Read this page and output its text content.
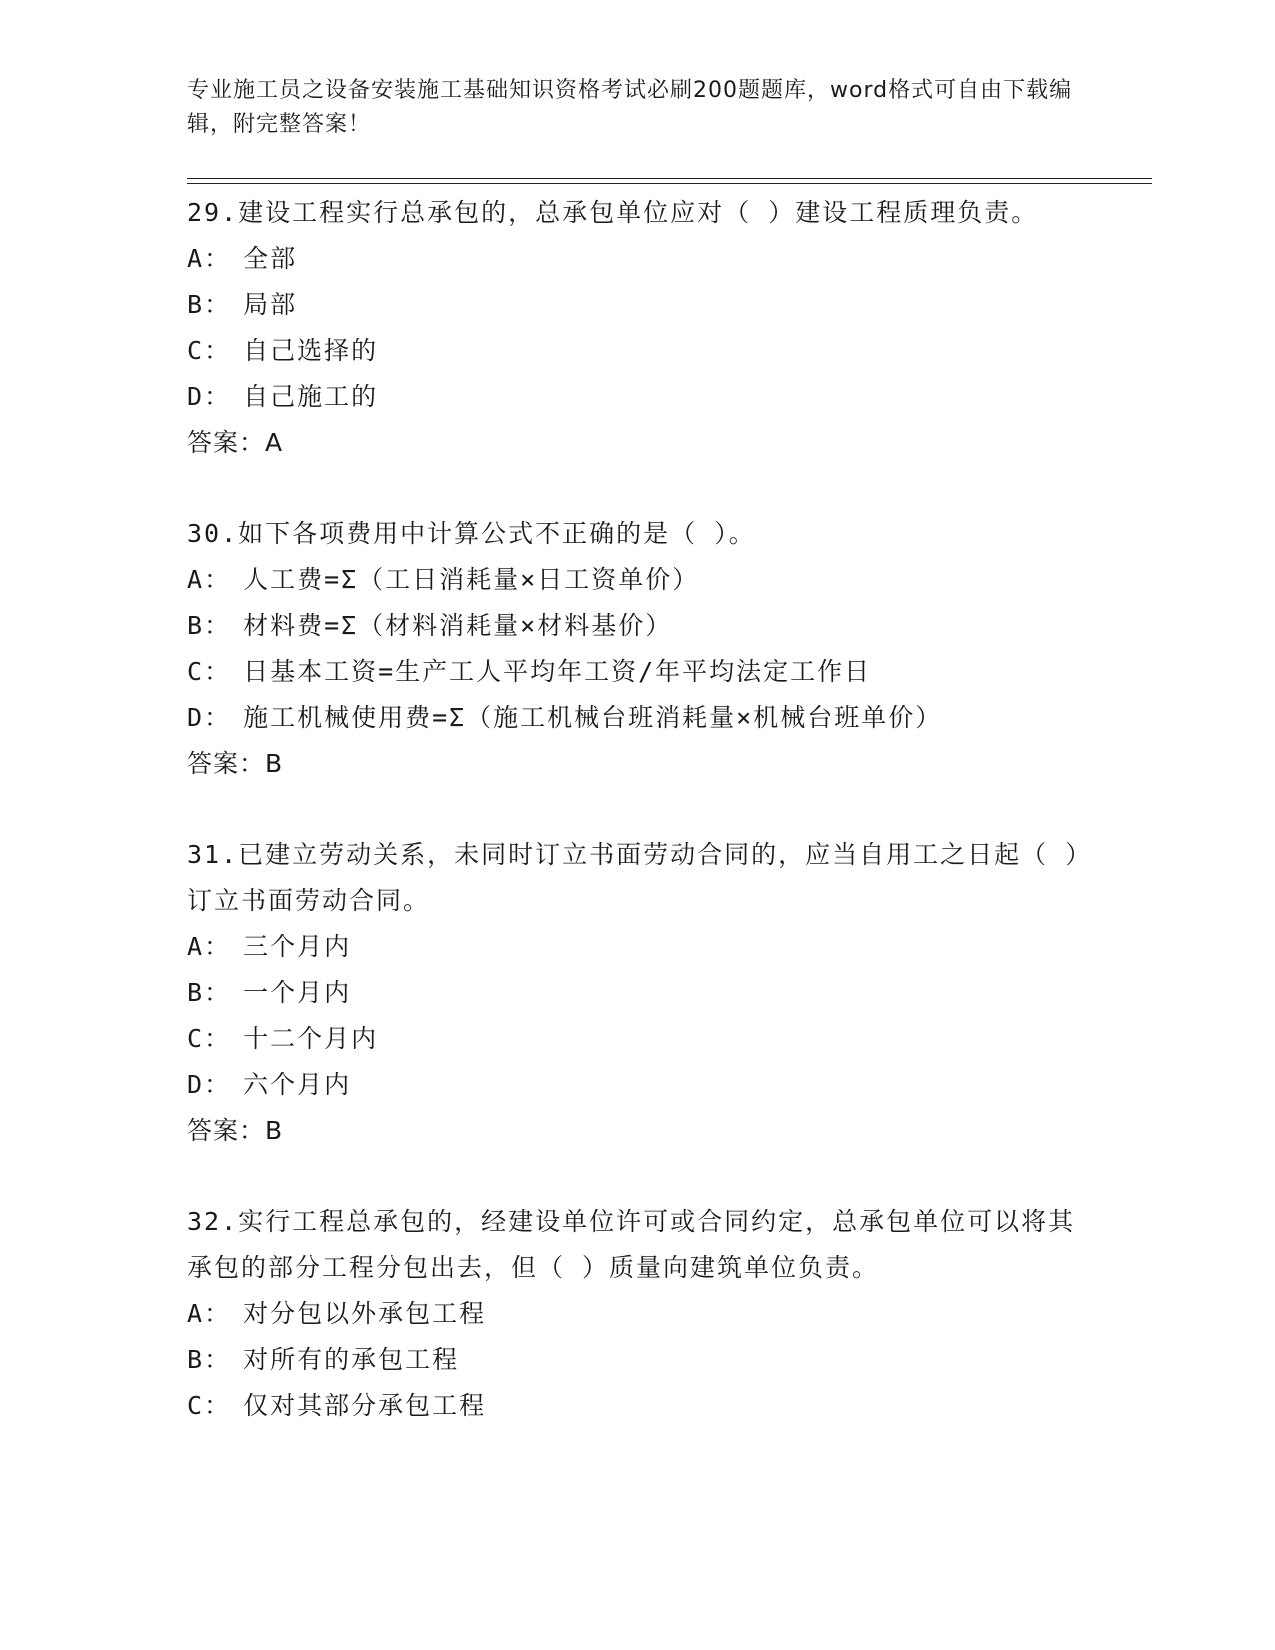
专业施工员之设备安装施工基础知识资格考试必刷200题题库，word格式可自由下载编辑，附完整答案！
29.建设工程实行总承包的，总承包单位应对（ ）建设工程质理负责。
A ： 全部
B ： 局部
C ： 自己选择的
D ： 自己施工的
答案：A
30.如下各项费用中计算公式不正确的是（ ）。
A ： 人工费=Σ（工日消耗量×日工资单价）
B ： 材料费=Σ（材料消耗量×材料基价）
C ： 日基本工资=生产工人平均年工资/年平均法定工作日
D ： 施工机械使用费=Σ（施工机械台班消耗量×机械台班单价）
答案：B
31.已建立劳动关系，未同时订立书面劳动合同的，应当自用工之日起（ ）订立书面劳动合同。
A ： 三个月内
B ： 一个月内
C ： 十二个月内
D ： 六个月内
答案：B
32.实行工程总承包的，经建设单位许可或合同约定，总承包单位可以将其承包的部分工程分包出去，但（ ）质量向建筑单位负责。
A ： 对分包以外承包工程
B ： 对所有的承包工程
C ： 仅对其部分承包工程
